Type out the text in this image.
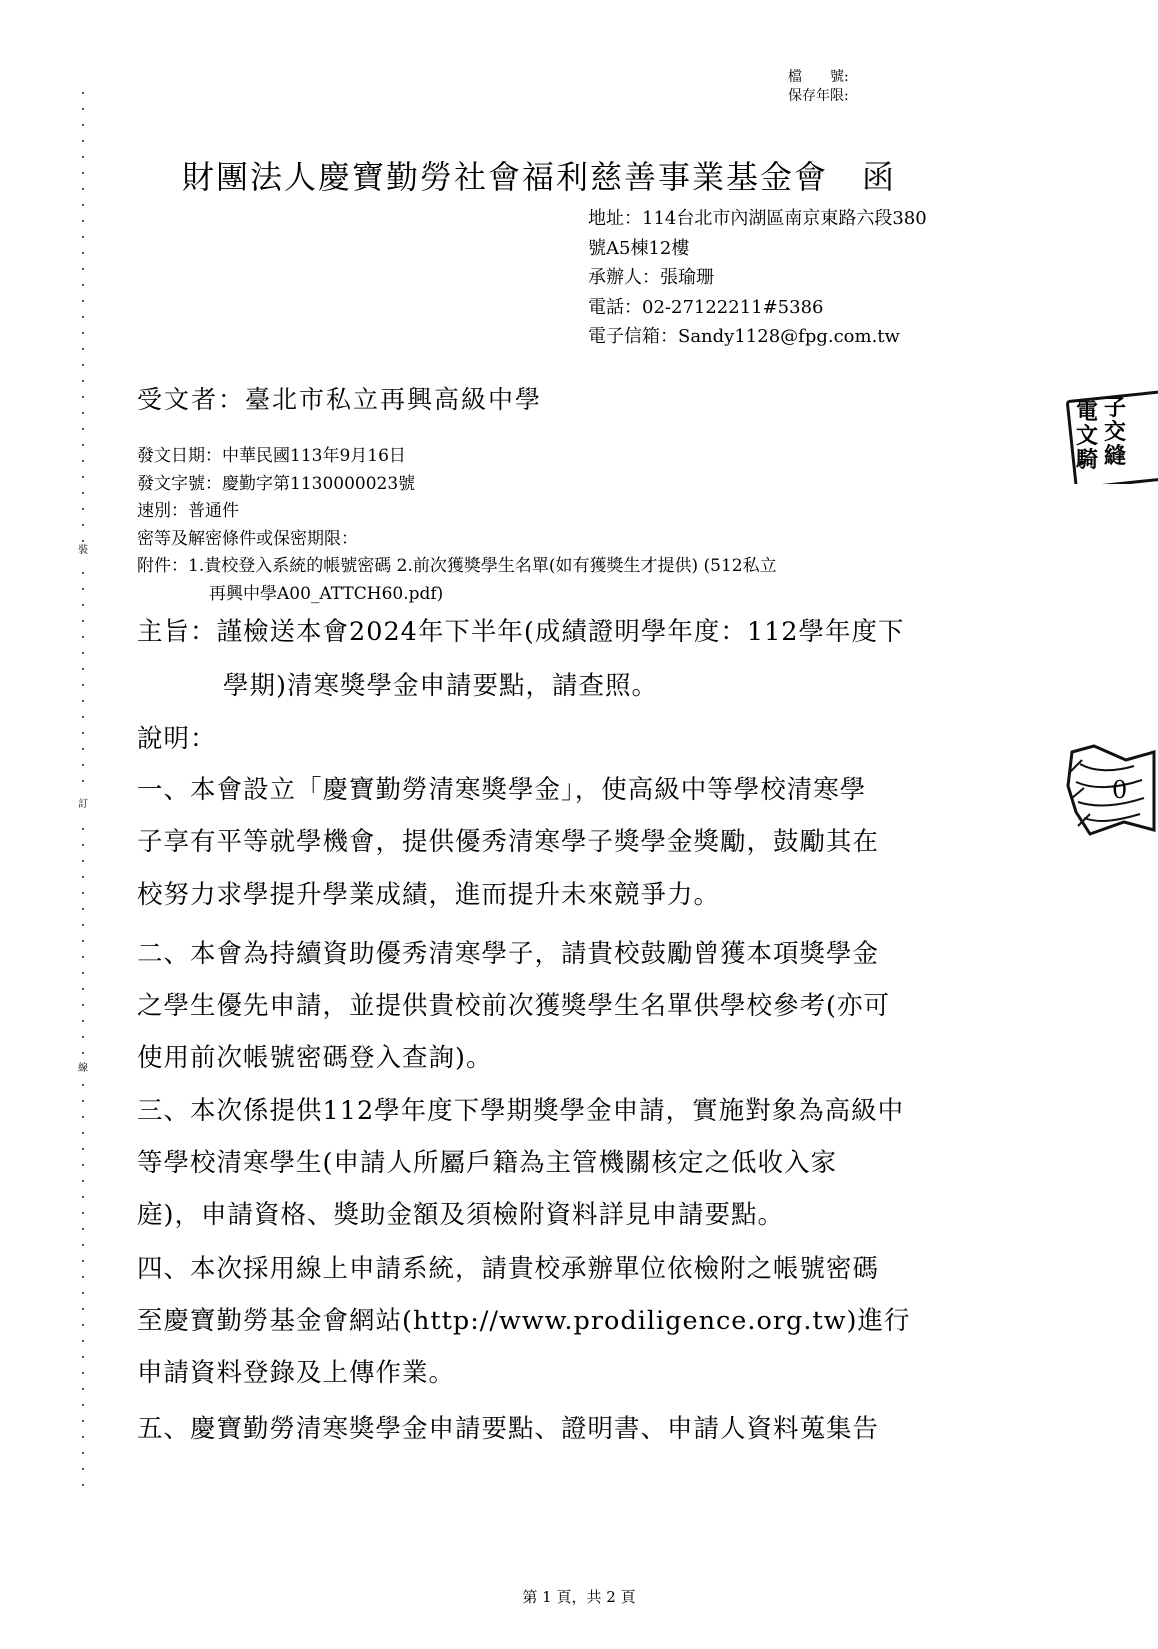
裝
訂
線
檔　　號:
保存年限:
財團法人慶寶勤勞社會福利慈善事業基金會　函
地址：114台北市內湖區南京東路六段380
號A5棟12樓
承辦人：張瑜珊
電話：02-27122211#5386
電子信箱：Sandy1128@fpg.com.tw
受文者：臺北市私立再興高級中學
發文日期：中華民國113年9月16日
發文字號：慶勤字第1130000023號
速別：普通件
密等及解密條件或保密期限：
附件：1.貴校登入系統的帳號密碼 2.前次獲獎學生名單(如有獲獎生才提供) (512私立
再興中學A00_ATTCH60.pdf)
主旨：謹檢送本會2024年下半年(成績證明學年度：112學年度下
學期)清寒獎學金申請要點，請查照。
說明：
一、本會設立「慶寶勤勞清寒獎學金」，使高級中等學校清寒學
子享有平等就學機會，提供優秀清寒學子獎學金獎勵，鼓勵其在
校努力求學提升學業成績，進而提升未來競爭力。
二、本會為持續資助優秀清寒學子，請貴校鼓勵曾獲本項獎學金
之學生優先申請，並提供貴校前次獲獎學生名單供學校參考(亦可
使用前次帳號密碼登入查詢)。
三、本次係提供112學年度下學期獎學金申請，實施對象為高級中
等學校清寒學生(申請人所屬戶籍為主管機關核定之低收入家
庭)，申請資格、獎助金額及須檢附資料詳見申請要點。
四、本次採用線上申請系統，請貴校承辦單位依檢附之帳號密碼
至慶寶勤勞基金會網站(http://www.prodiligence.org.tw)進行
申請資料登錄及上傳作業。
五、慶寶勤勞清寒獎學金申請要點、證明書、申請人資料蒐集告
電
文
騎
子
交
縫
0
第 1 頁，共 2 頁
